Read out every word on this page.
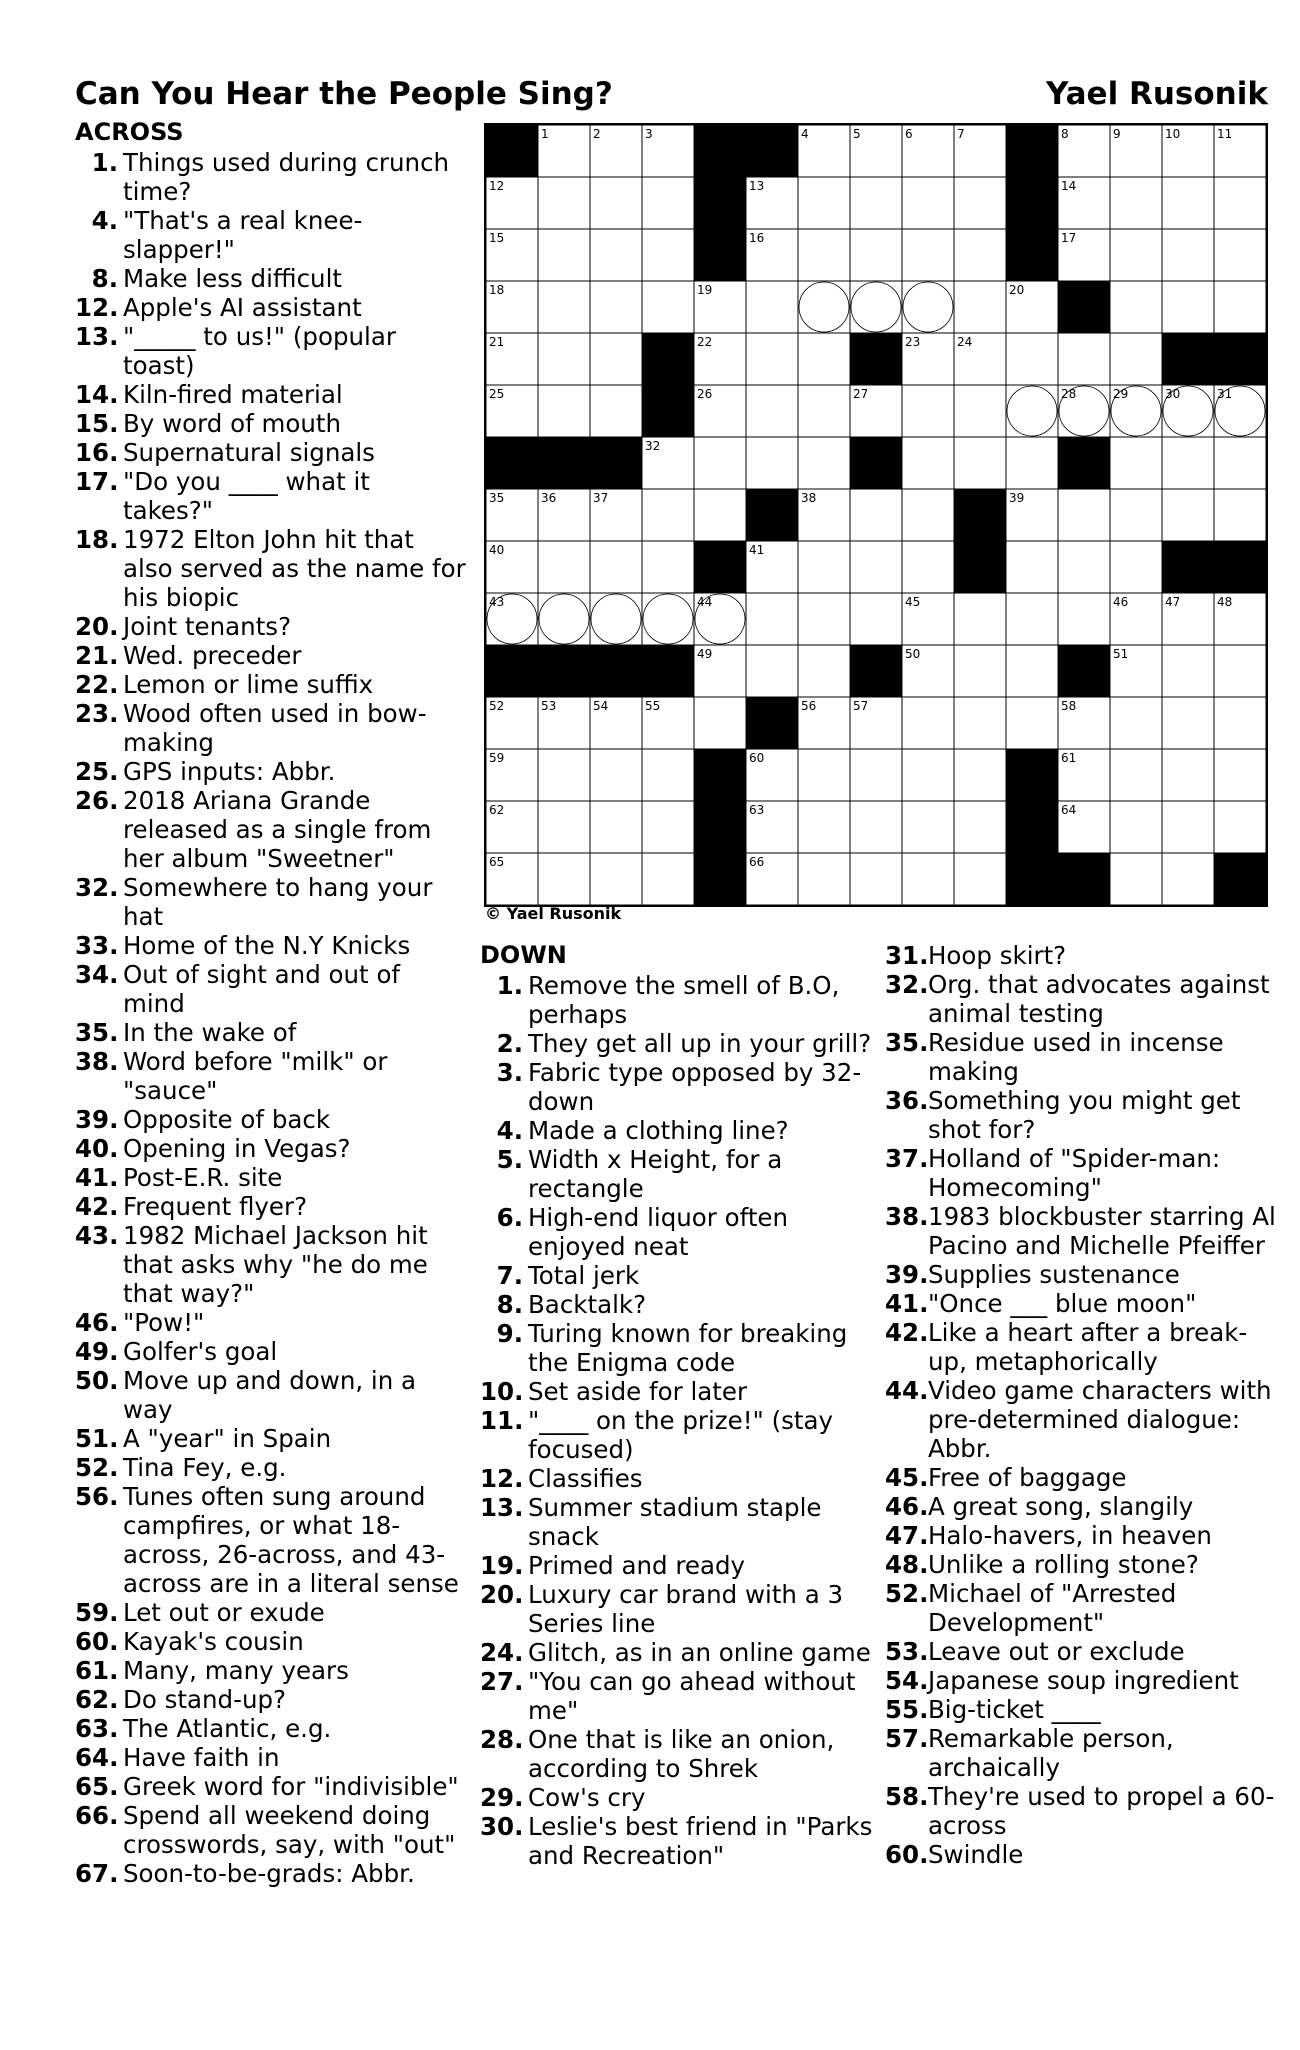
Can You Hear the People Sing?	Yael Rusonik
ACROSS
1. Things used during crunch time?
4. "That's a real knee-slapper!"
8. Make less difficult
12. Apple's AI assistant
13. "_____ to us!" (popular toast)
14. Kiln-fired material
15. By word of mouth
16. Supernatural signals
17. "Do you ____ what it takes?"
18. 1972 Elton John hit that also served as the name for his biopic
20. Joint tenants?
21. Wed. preceder
22. Lemon or lime suffix
23. Wood often used in bow-making
25. GPS inputs: Abbr.
26. 2018 Ariana Grande released as a single from her album "Sweetner"
32. Somewhere to hang your hat
33. Home of the N.Y Knicks
34. Out of sight and out of mind
35. In the wake of
38. Word before "milk" or "sauce"
39. Opposite of back
40. Opening in Vegas?
41. Post-E.R. site
42. Frequent flyer?
43. 1982 Michael Jackson hit that asks why "he do me that way?"
46. "Pow!"
49. Golfer's goal
50. Move up and down, in a way
51. A "year" in Spain
52. Tina Fey, e.g.
56. Tunes often sung around campfires, or what 18-across, 26-across, and 43-across are in a literal sense
59. Let out or exude
60. Kayak's cousin
61. Many, many years
62. Do stand-up?
63. The Atlantic, e.g.
64. Have faith in
65. Greek word for "indivisible"
66. Spend all weekend doing crosswords, say, with "out"
67. Soon-to-be-grads: Abbr.
1	2	3	4	5	6	7	8	9	10	11
12	13	14
15	16	17
18	19	20
21	22	23	24
25	26	27	28	29	30	31
32	33	34
35	36	37	38	39
40	41	42
43	44	45	46	47	48
49	50	51
52	53	54	55	56	57	58
59	60	61
62	63	64
65	66	67
© Yael Rusonik
DOWN
1. Remove the smell of B.O, perhaps
2. They get all up in your grill?
3. Fabric type opposed by 32-down
4. Made a clothing line?
5. Width x Height, for a rectangle
6. High-end liquor often enjoyed neat
7. Total jerk
8. Backtalk?
9. Turing known for breaking the Enigma code
10. Set aside for later
11. "____ on the prize!" (stay focused)
12. Classifies
13. Summer stadium staple snack
19. Primed and ready
20. Luxury car brand with a 3 Series line
24. Glitch, as in an online game
27. "You can go ahead without me"
28. One that is like an onion, according to Shrek
29. Cow's cry
30. Leslie's best friend in "Parks and Recreation"
31. Hoop skirt?
32. Org. that advocates against animal testing
35. Residue used in incense making
36. Something you might get shot for?
37. Holland of "Spider-man: Homecoming"
38. 1983 blockbuster starring Al Pacino and Michelle Pfeiffer
39. Supplies sustenance
41. "Once ___ blue moon"
42. Like a heart after a break-up, metaphorically
44. Video game characters with pre-determined dialogue: Abbr.
45. Free of baggage
46. A great song, slangily
47. Halo-havers, in heaven
48. Unlike a rolling stone?
52. Michael of "Arrested Development"
53. Leave out or exclude
54. Japanese soup ingredient
55. Big-ticket ____
57. Remarkable person, archaically
58. They're used to propel a 60-across
60. Swindle
